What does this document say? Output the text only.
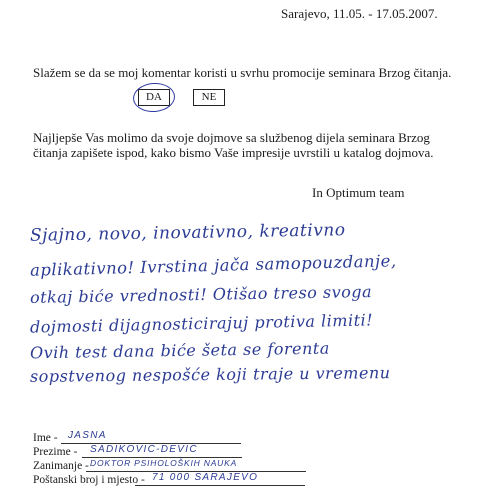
Sarajevo, 11.05. - 17.05.2007.
Slažem se da se moj komentar koristi u svrhu promocije seminara Brzog čitanja.
DA	NE
Najljepše Vas molimo da svoje dojmove sa službenog dijela seminara Brzog
čitanja zapišete ispod, kako bismo Vaše impresije uvrstili u katalog dojmova.
In Optimum team
Sjajno, novo, inovativno, kreativno
aplikativno! Ivrstina jača samopouzdanje,
otkaj biće vrednosti! Otišao treso svoga
dojmosti dijagnosticirajuj protiva limiti!
Ovih test dana biće šeta se forenta
sopstvenog nespošće koji traje u vremenu
Ime - JASNA
Prezime - SADIKOVIĆ-DEVIĆ
Zanimanje - DOKTOR PSIHOLOŠKIH NAUKA
Poštanski broj i mjesto - 71 000 SARAJEVO
